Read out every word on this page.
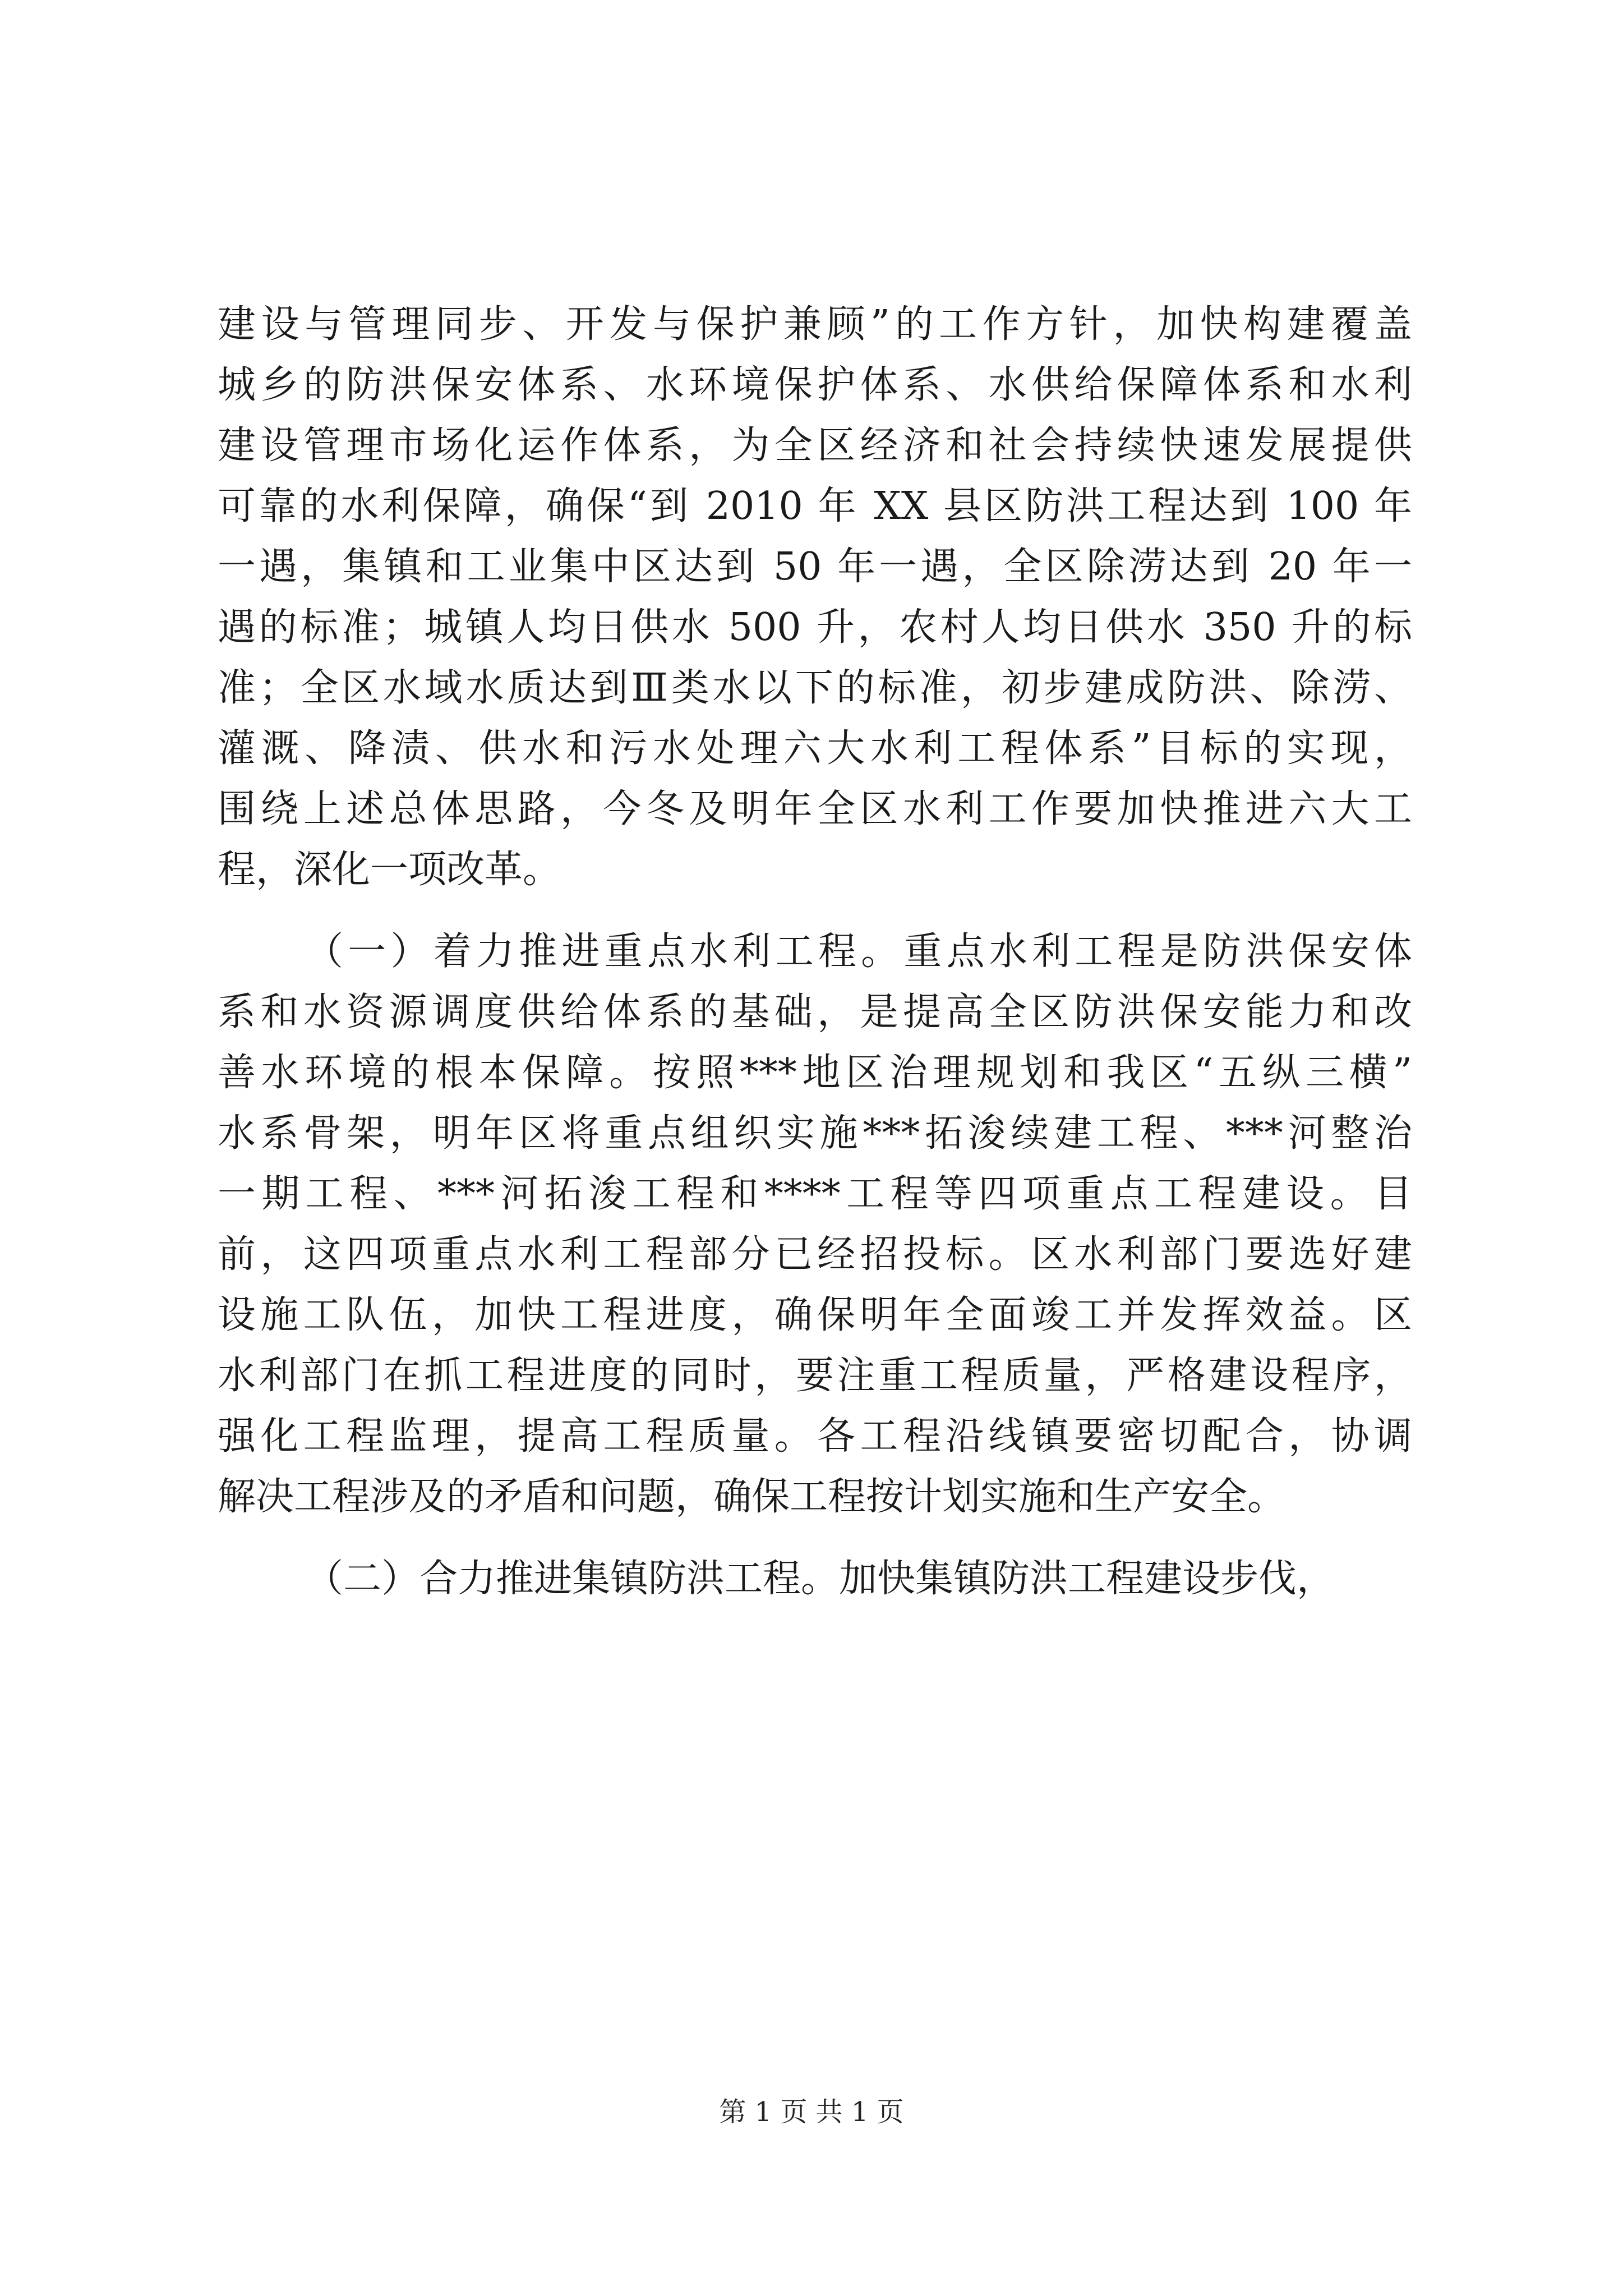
建设与管理同步、开发与保护兼顾”的工作方针，加快构建覆盖
城乡的防洪保安体系、水环境保护体系、水供给保障体系和水利
建设管理市场化运作体系，为全区经济和社会持续快速发展提供
可靠的水利保障，确保“到 2010 年 XX 县区防洪工程达到 100 年
一遇，集镇和工业集中区达到 50 年一遇，全区除涝达到 20 年一
遇的标准；城镇人均日供水 500 升，农村人均日供水 350 升的标
准；全区水域水质达到Ⅲ类水以下的标准，初步建成防洪、除涝、
灌溉、降渍、供水和污水处理六大水利工程体系”目标的实现，
围绕上述总体思路，今冬及明年全区水利工作要加快推进六大工
程，深化一项改革。
（一）着力推进重点水利工程。重点水利工程是防洪保安体
系和水资源调度供给体系的基础，是提高全区防洪保安能力和改
善水环境的根本保障。按照***地区治理规划和我区“五纵三横”
水系骨架，明年区将重点组织实施***拓浚续建工程、***河整治
一期工程、***河拓浚工程和****工程等四项重点工程建设。目
前，这四项重点水利工程部分已经招投标。区水利部门要选好建
设施工队伍，加快工程进度，确保明年全面竣工并发挥效益。区
水利部门在抓工程进度的同时，要注重工程质量，严格建设程序，
强化工程监理，提高工程质量。各工程沿线镇要密切配合，协调
解决工程涉及的矛盾和问题，确保工程按计划实施和生产安全。
（二）合力推进集镇防洪工程。加快集镇防洪工程建设步伐，
第 1 页 共 1 页
